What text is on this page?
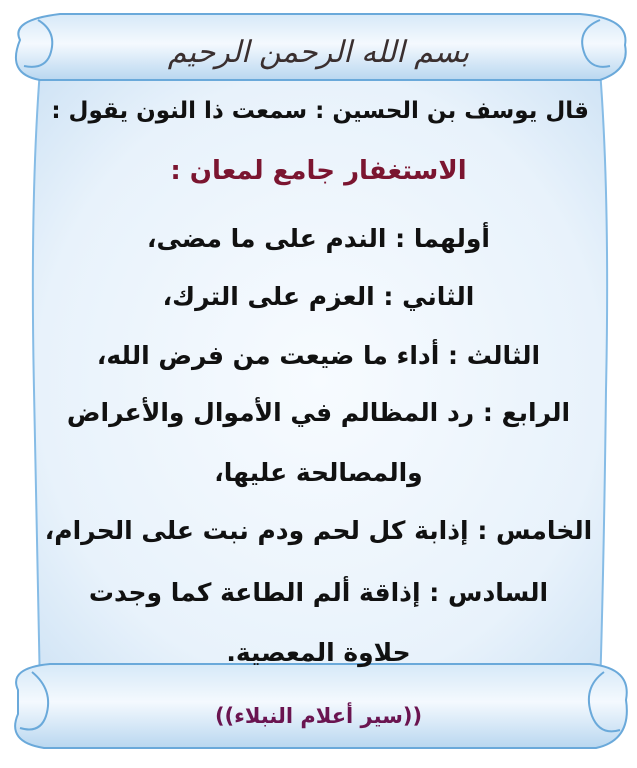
بسم الله الرحمن الرحيم
قال يوسف بن الحسين : سمعت ذا النون يقول :
الاستغفار جامع لمعان :
أولهما : الندم على ما مضى،
الثاني : العزم على الترك،
الثالث : أداء ما ضيعت من فرض الله،
الرابع : رد المظالم في الأموال والأعراض
والمصالحة عليها،
الخامس : إذابة كل لحم ودم نبت على الحرام،
السادس : إذاقة ألم الطاعة كما وجدت
حلاوة المعصية.
((سير أعلام النبلاء))
